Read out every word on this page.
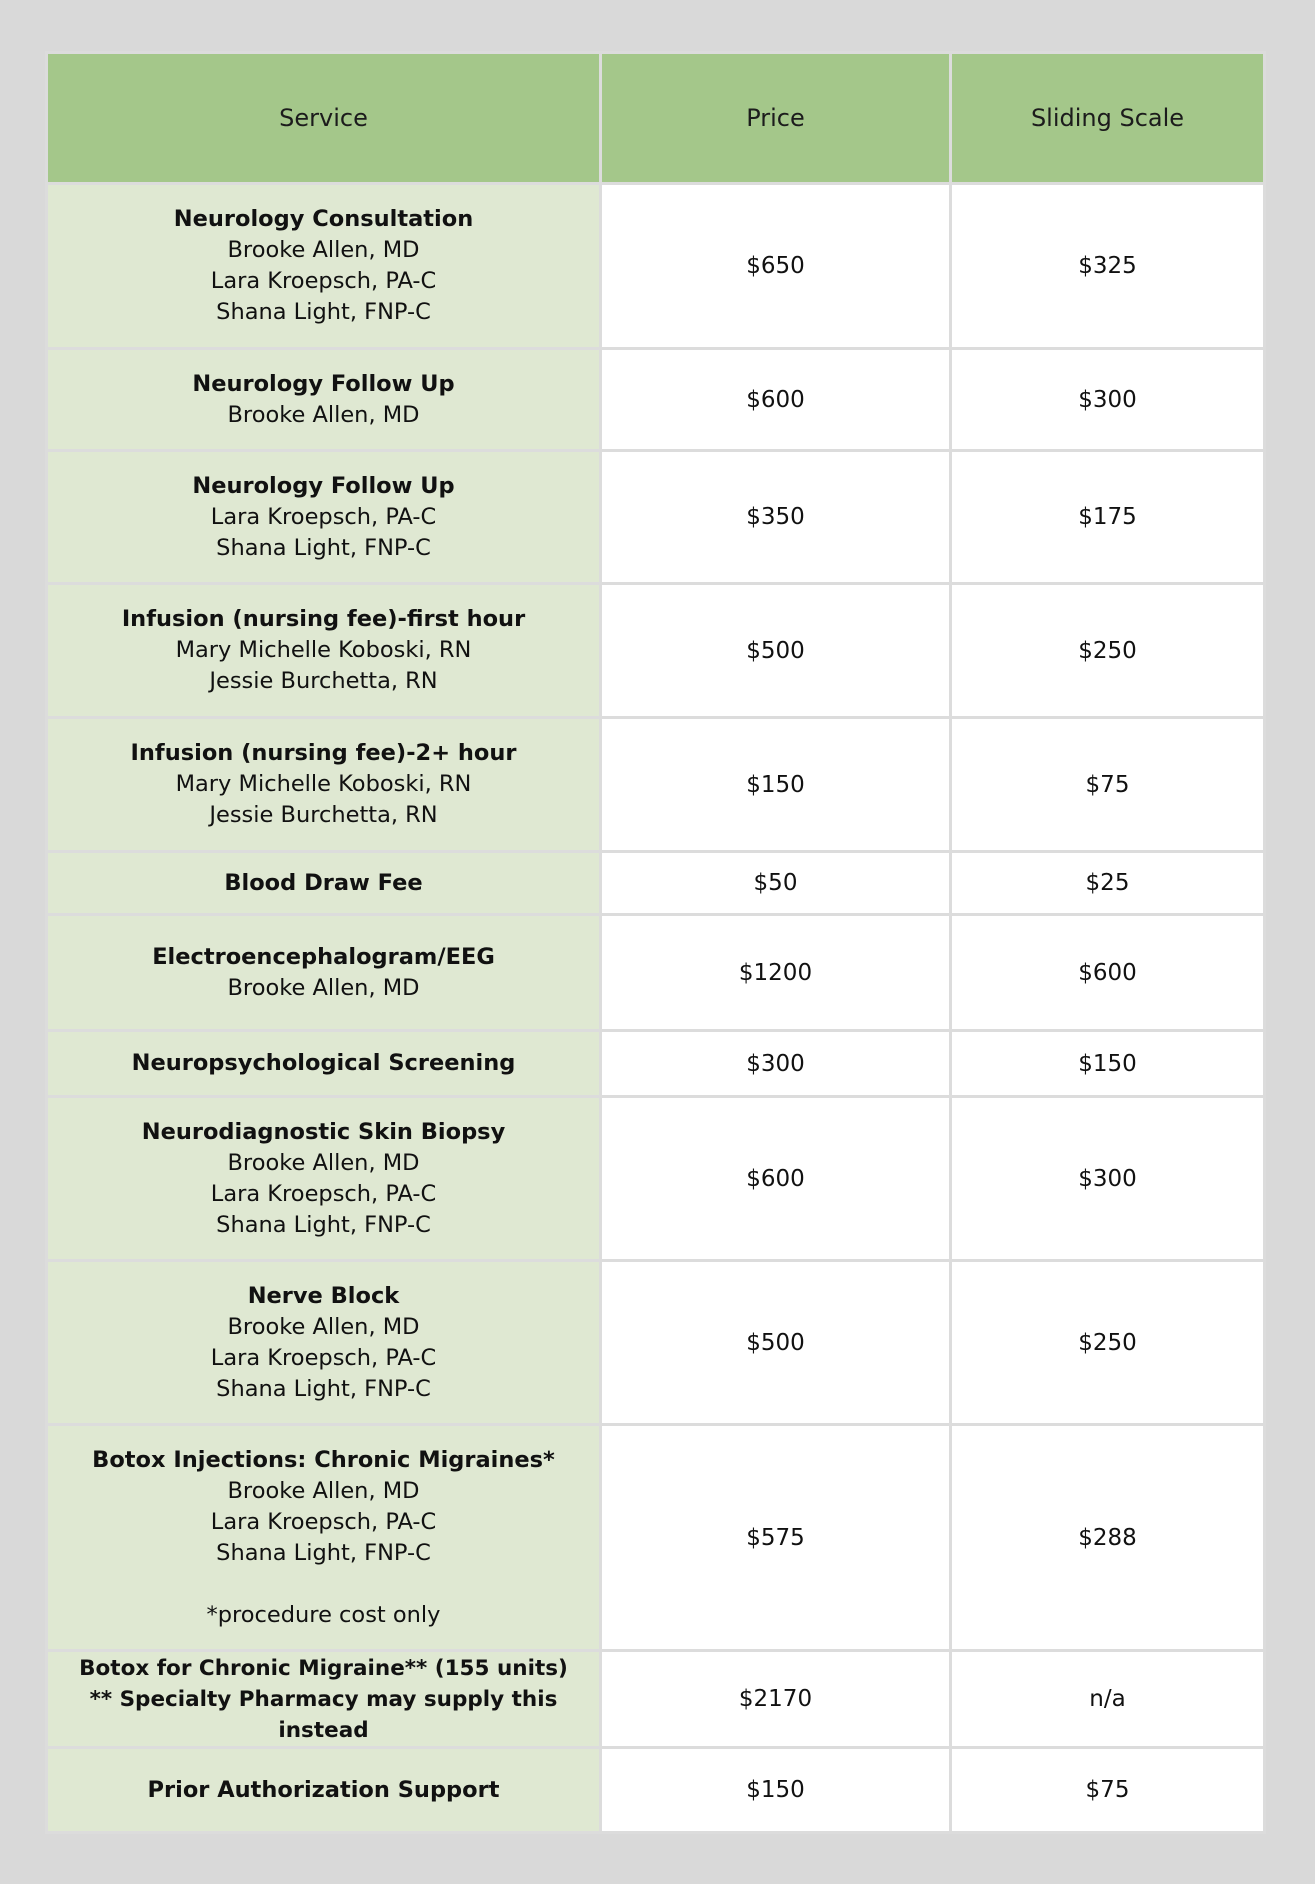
Service	Price	Sliding Scale

Neurology Consultation
Brooke Allen, MD
Lara Kroepsch, PA-C
Shana Light, FNP-C	$650	$325

Neurology Follow Up
Brooke Allen, MD	$600	$300

Neurology Follow Up
Lara Kroepsch, PA-C
Shana Light, FNP-C	$350	$175

Infusion (nursing fee)-first hour
Mary Michelle Koboski, RN
Jessie Burchetta, RN	$500	$250

Infusion (nursing fee)-2+ hour
Mary Michelle Koboski, RN
Jessie Burchetta, RN	$150	$75

Blood Draw Fee	$50	$25

Electroencephalogram/EEG
Brooke Allen, MD	$1200	$600

Neuropsychological Screening	$300	$150

Neurodiagnostic Skin Biopsy
Brooke Allen, MD
Lara Kroepsch, PA-C
Shana Light, FNP-C	$600	$300

Nerve Block
Brooke Allen, MD
Lara Kroepsch, PA-C
Shana Light, FNP-C	$500	$250

Botox Injections: Chronic Migraines*
Brooke Allen, MD
Lara Kroepsch, PA-C
Shana Light, FNP-C
*procedure cost only	$575	$288

Botox for Chronic Migraine** (155 units)
** Specialty Pharmacy may supply this instead	$2170	n/a

Prior Authorization Support	$150	$75
